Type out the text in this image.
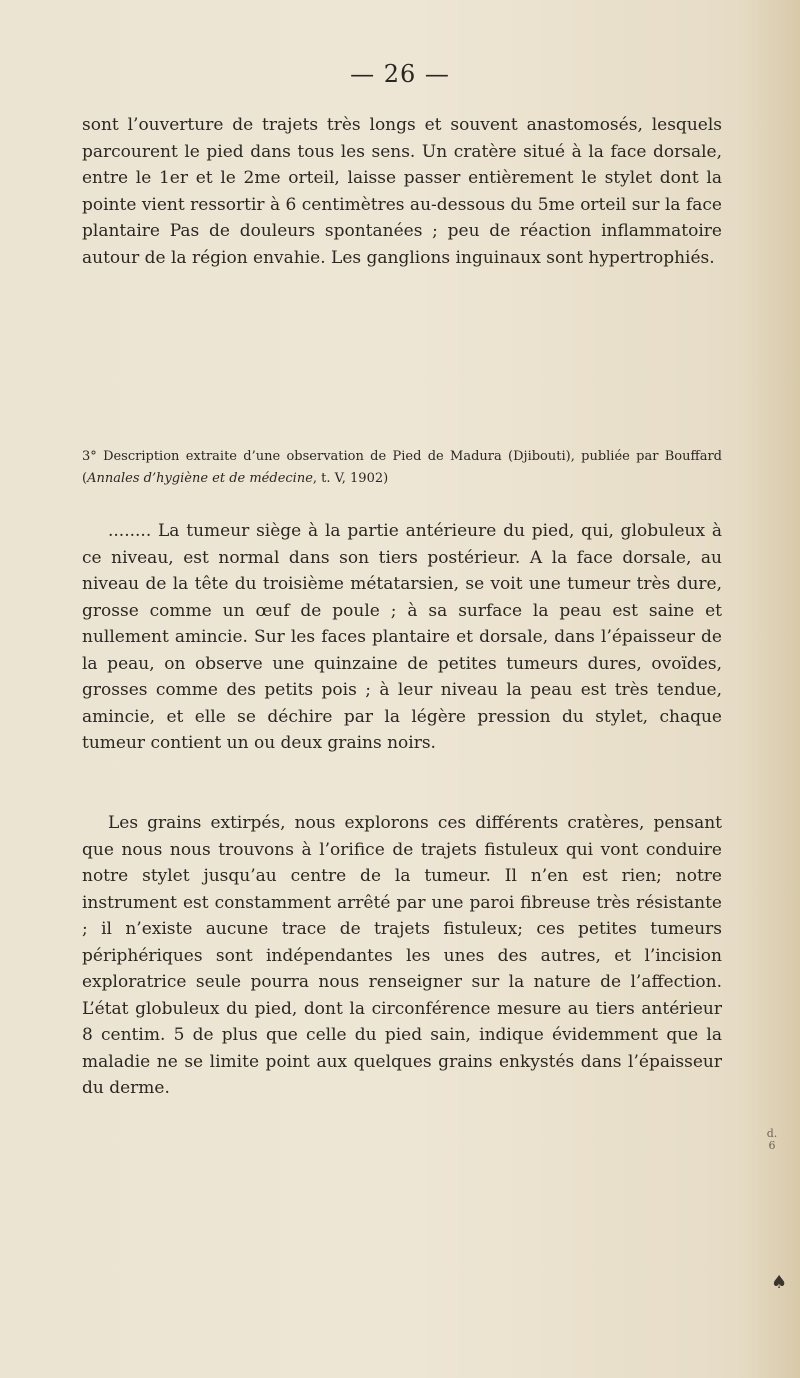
— 26 —

sont l’ouverture de trajets très longs et souvent anastomosés, lesquels parcourent le pied dans tous les sens. Un cratère situé à la face dorsale, entre le 1er et le 2me orteil, laisse passer entièrement le stylet dont la pointe vient ressortir à 6 centimètres au-dessous du 5me orteil sur la face plantaire Pas de douleurs spontanées ; peu de réaction inflammatoire autour de la région envahie. Les ganglions inguinaux sont hypertrophiés.

3° Description extraite d’une observation de Pied de Madura (Djibouti), publiée par Bouffard (Annales d’hygiène et de médecine, t. V, 1902)

........ La tumeur siège à la partie antérieure du pied, qui, globuleux à ce niveau, est normal dans son tiers postérieur. A la face dorsale, au niveau de la tête du troisième métatarsien, se voit une tumeur très dure, grosse comme un œuf de poule ; à sa surface la peau est saine et nullement amincie. Sur les faces plantaire et dorsale, dans l’épaisseur de la peau, on observe une quinzaine de petites tumeurs dures, ovoïdes, grosses comme des petits pois ; à leur niveau la peau est très tendue, amincie, et elle se déchire par la légère pression du stylet, chaque tumeur contient un ou deux grains noirs.

Les grains extirpés, nous explorons ces différents cratères, pensant que nous nous trouvons à l’orifice de trajets fistuleux qui vont conduire notre stylet jusqu’au centre de la tumeur. Il n’en est rien; notre instrument est constamment arrêté par une paroi fibreuse très résistante ; il n’existe aucune trace de trajets fistuleux; ces petites tumeurs périphériques sont indépendantes les unes des autres, et l’incision exploratrice seule pourra nous renseigner sur la nature de l’affection. L’état globuleux du pied, dont la circonférence mesure au tiers antérieur 8 centim. 5 de plus que celle du pied sain, indique évidemment que la maladie ne se limite point aux quelques grains enkystés dans l’épaisseur du derme.

d.
6
♠
